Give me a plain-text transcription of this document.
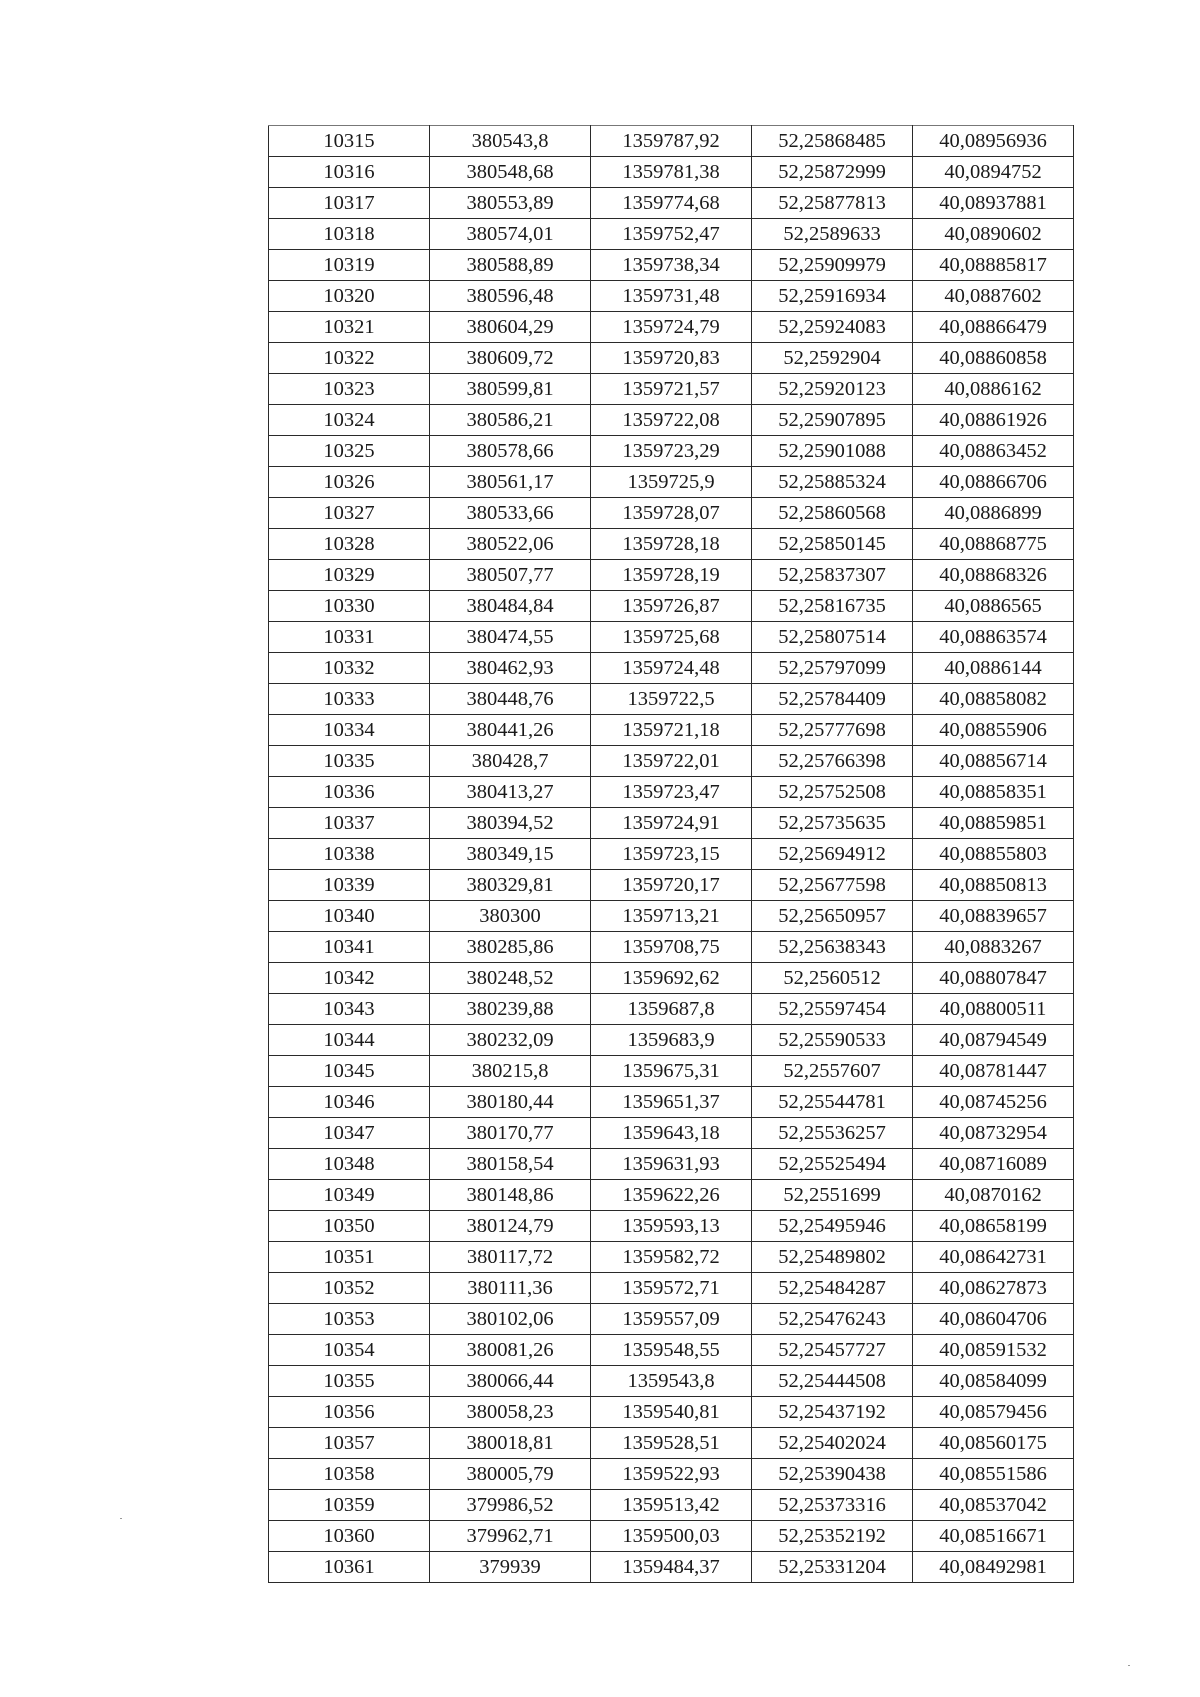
10315	380543,8	1359787,92	52,25868485	40,08956936
10316	380548,68	1359781,38	52,25872999	40,0894752
10317	380553,89	1359774,68	52,25877813	40,08937881
10318	380574,01	1359752,47	52,2589633	40,0890602
10319	380588,89	1359738,34	52,25909979	40,08885817
10320	380596,48	1359731,48	52,25916934	40,0887602
10321	380604,29	1359724,79	52,25924083	40,08866479
10322	380609,72	1359720,83	52,2592904	40,08860858
10323	380599,81	1359721,57	52,25920123	40,0886162
10324	380586,21	1359722,08	52,25907895	40,08861926
10325	380578,66	1359723,29	52,25901088	40,08863452
10326	380561,17	1359725,9	52,25885324	40,08866706
10327	380533,66	1359728,07	52,25860568	40,0886899
10328	380522,06	1359728,18	52,25850145	40,08868775
10329	380507,77	1359728,19	52,25837307	40,08868326
10330	380484,84	1359726,87	52,25816735	40,0886565
10331	380474,55	1359725,68	52,25807514	40,08863574
10332	380462,93	1359724,48	52,25797099	40,0886144
10333	380448,76	1359722,5	52,25784409	40,08858082
10334	380441,26	1359721,18	52,25777698	40,08855906
10335	380428,7	1359722,01	52,25766398	40,08856714
10336	380413,27	1359723,47	52,25752508	40,08858351
10337	380394,52	1359724,91	52,25735635	40,08859851
10338	380349,15	1359723,15	52,25694912	40,08855803
10339	380329,81	1359720,17	52,25677598	40,08850813
10340	380300	1359713,21	52,25650957	40,08839657
10341	380285,86	1359708,75	52,25638343	40,0883267
10342	380248,52	1359692,62	52,2560512	40,08807847
10343	380239,88	1359687,8	52,25597454	40,08800511
10344	380232,09	1359683,9	52,25590533	40,08794549
10345	380215,8	1359675,31	52,2557607	40,08781447
10346	380180,44	1359651,37	52,25544781	40,08745256
10347	380170,77	1359643,18	52,25536257	40,08732954
10348	380158,54	1359631,93	52,25525494	40,08716089
10349	380148,86	1359622,26	52,2551699	40,0870162
10350	380124,79	1359593,13	52,25495946	40,08658199
10351	380117,72	1359582,72	52,25489802	40,08642731
10352	380111,36	1359572,71	52,25484287	40,08627873
10353	380102,06	1359557,09	52,25476243	40,08604706
10354	380081,26	1359548,55	52,25457727	40,08591532
10355	380066,44	1359543,8	52,25444508	40,08584099
10356	380058,23	1359540,81	52,25437192	40,08579456
10357	380018,81	1359528,51	52,25402024	40,08560175
10358	380005,79	1359522,93	52,25390438	40,08551586
10359	379986,52	1359513,42	52,25373316	40,08537042
10360	379962,71	1359500,03	52,25352192	40,08516671
10361	379939	1359484,37	52,25331204	40,08492981
